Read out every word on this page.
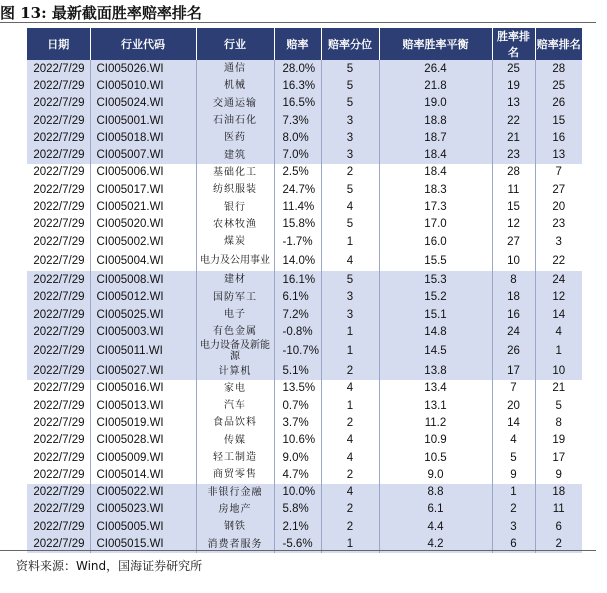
图 13: 最新截面胜率赔率排名
日期	行业代码	行业	赔率	赔率分位	赔率胜率平衡	胜率排名	赔率排名
2022/7/29	CI005026.WI	通信	28.0%	5	26.4	25	28
2022/7/29	CI005010.WI	机械	16.3%	5	21.8	19	25
2022/7/29	CI005024.WI	交通运输	16.5%	5	19.0	13	26
2022/7/29	CI005001.WI	石油石化	7.3%	3	18.8	22	15
2022/7/29	CI005018.WI	医药	8.0%	3	18.7	21	16
2022/7/29	CI005007.WI	建筑	7.0%	3	18.4	23	13
2022/7/29	CI005006.WI	基础化工	2.5%	2	18.4	28	7
2022/7/29	CI005017.WI	纺织服装	24.7%	5	18.3	11	27
2022/7/29	CI005021.WI	银行	11.4%	4	17.3	15	20
2022/7/29	CI005020.WI	农林牧渔	15.8%	5	17.0	12	23
2022/7/29	CI005002.WI	煤炭	-1.7%	1	16.0	27	3
2022/7/29	CI005004.WI	电力及公用事业	14.0%	4	15.5	10	22
2022/7/29	CI005008.WI	建材	16.1%	5	15.3	8	24
2022/7/29	CI005012.WI	国防军工	6.1%	3	15.2	18	12
2022/7/29	CI005025.WI	电子	7.2%	3	15.1	16	14
2022/7/29	CI005003.WI	有色金属	-0.8%	1	14.8	24	4
2022/7/29	CI005011.WI	电力设备及新能源	-10.7%	1	14.5	26	1
2022/7/29	CI005027.WI	计算机	5.1%	2	13.8	17	10
2022/7/29	CI005016.WI	家电	13.5%	4	13.4	7	21
2022/7/29	CI005013.WI	汽车	0.7%	1	13.1	20	5
2022/7/29	CI005019.WI	食品饮料	3.7%	2	11.2	14	8
2022/7/29	CI005028.WI	传媒	10.6%	4	10.9	4	19
2022/7/29	CI005009.WI	轻工制造	9.0%	4	10.5	5	17
2022/7/29	CI005014.WI	商贸零售	4.7%	2	9.0	9	9
2022/7/29	CI005022.WI	非银行金融	10.0%	4	8.8	1	18
2022/7/29	CI005023.WI	房地产	5.8%	2	6.1	2	11
2022/7/29	CI005005.WI	钢铁	2.1%	2	4.4	3	6
2022/7/29	CI005015.WI	消费者服务	-5.6%	1	4.2	6	2
资料来源：Wind，国海证券研究所
